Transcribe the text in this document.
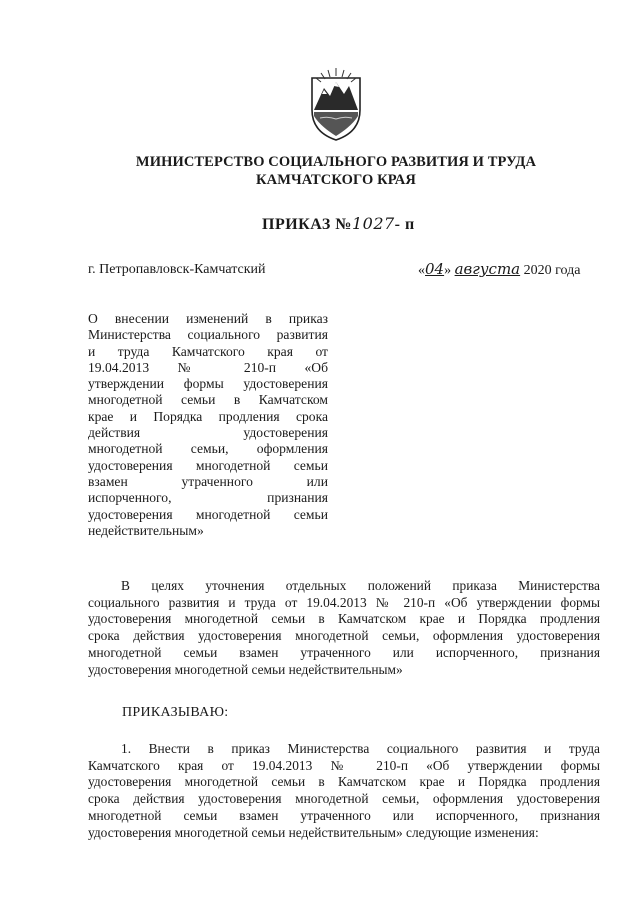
МИНИСТЕРСТВО СОЦИАЛЬНОГО РАЗВИТИЯ И ТРУДА
КАМЧАТСКОГО КРАЯ
ПРИКАЗ №1027- п
г. Петропавловск-Камчатский	«04» августа 2020 года
О внесении изменений в приказ
Министерства социального развития
и труда Камчатского края от
19.04.2013 № 210-п «Об
утверждении формы удостоверения
многодетной семьи в Камчатском
крае и Порядка продления срока
действия удостоверения
многодетной семьи, оформления
удостоверения многодетной семьи
взамен утраченного или
испорченного, признания
удостоверения многодетной семьи
недействительным»
В целях уточнения отдельных положений приказа Министерства
социального развития и труда от 19.04.2013 № 210-п «Об утверждении формы
удостоверения многодетной семьи в Камчатском крае и Порядка продления
срока действия удостоверения многодетной семьи, оформления удостоверения
многодетной семьи взамен утраченного или испорченного, признания
удостоверения многодетной семьи недействительным»
ПРИКАЗЫВАЮ:
1. Внести в приказ Министерства социального развития и труда
Камчатского края от 19.04.2013 № 210-п «Об утверждении формы
удостоверения многодетной семьи в Камчатском крае и Порядка продления
срока действия удостоверения многодетной семьи, оформления удостоверения
многодетной семьи взамен утраченного или испорченного, признания
удостоверения многодетной семьи недействительным» следующие изменения:
